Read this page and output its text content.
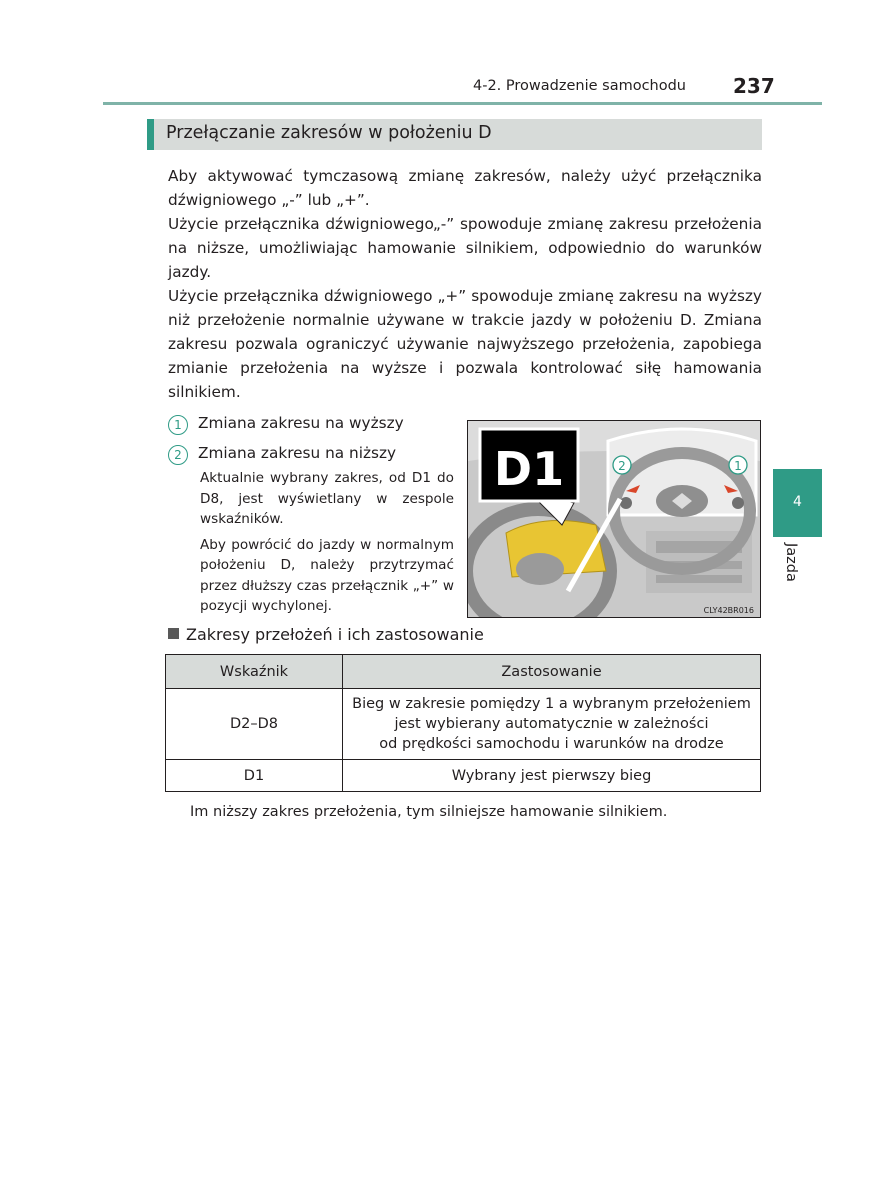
4-2. Prowadzenie samochodu 237
Przełączanie zakresów w położeniu D

Aby aktywować tymczasową zmianę zakresów, należy użyć przełącznika dźwigniowego „-” lub „+”.

Użycie przełącznika dźwigniowego„-” spowoduje zmianę zakresu przełożenia na niższe, umożliwiając hamowanie silnikiem, odpowiednio do warunków jazdy.

Użycie przełącznika dźwigniowego „+” spowoduje zmianę zakresu na wyższy niż przełożenie normalnie używane w trakcie jazdy w położeniu D. Zmiana zakresu pozwala ograniczyć używanie najwyższego przełożenia, zapobiega zmianie przełożenia na wyższe i pozwala kontrolować siłę hamowania silnikiem.

1	Zmiana zakresu na wyższy
2	Zmiana zakresu na niższy
Aktualnie wybrany zakres, od D1 do D8, jest wyświetlany w zespole wskaźników.
Aby powrócić do jazdy w normalnym położeniu D, należy przytrzymać przez dłuższy czas przełącznik „+” w pozycji wychylonej.
2	1
D1
CLY42BR016
Zakresy przełożeń i ich zastosowanie
Wskaźnik	Zastosowanie
D2–D8	Bieg w zakresie pomiędzy 1 a wybranym przełożeniem
jest wybierany automatycznie w zależności
od prędkości samochodu i warunków na drodze

D1	Wybrany jest pierwszy bieg
Im niższy zakres przełożenia, tym silniejsze hamowanie silnikiem.
4
Jazda
